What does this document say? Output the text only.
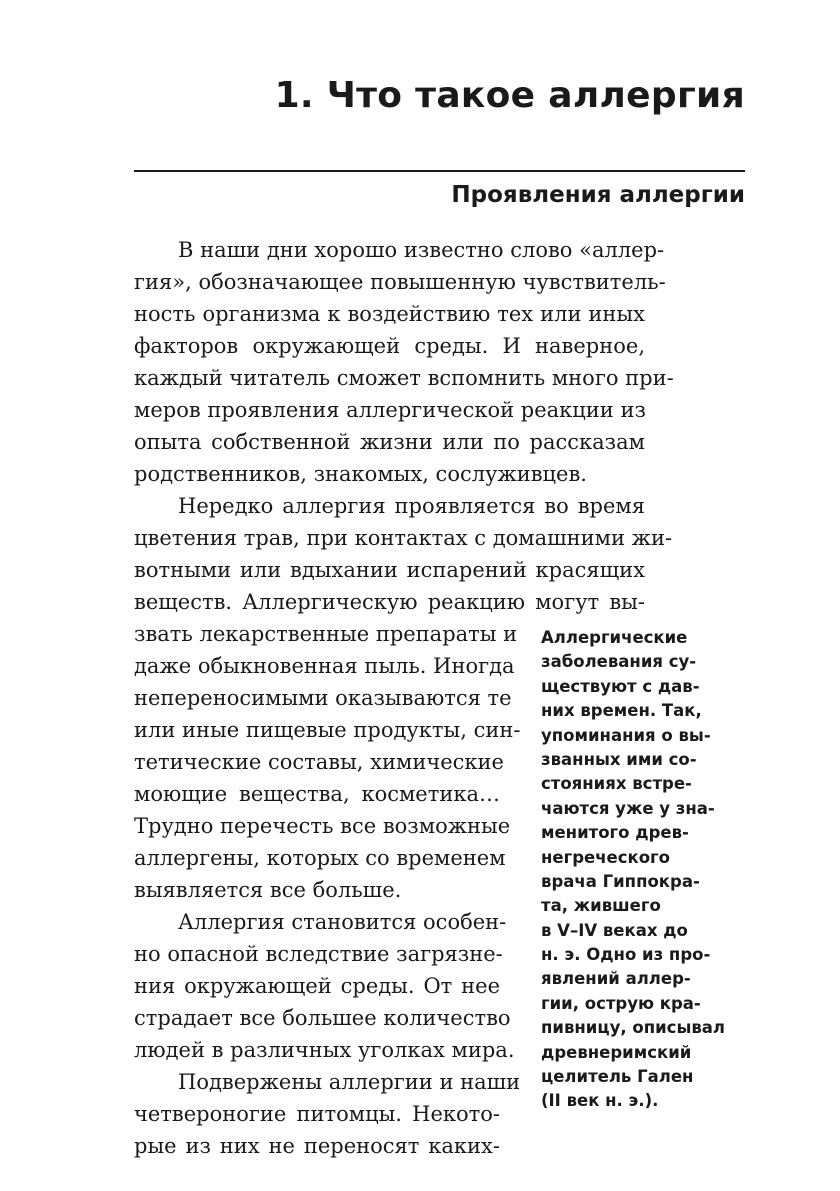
1. Что такое аллергия
Проявления аллергии
В наши дни хорошо известно слово «аллер-
гия», обозначающее повышенную чувствитель-
ность организма к воздействию тех или иных
факторов окружающей среды. И наверное,
каждый читатель сможет вспомнить много при-
меров проявления аллергической реакции из
опыта собственной жизни или по рассказам
родственников, знакомых, сослуживцев.
Нередко аллергия проявляется во время
цветения трав, при контактах с домашними жи-
вотными или вдыхании испарений красящих
веществ. Аллергическую реакцию могут вы-
звать лекарственные препараты и
даже обыкновенная пыль. Иногда
непереносимыми оказываются те
или иные пищевые продукты, син-
тетические составы, химические
моющие вещества, косметика…
Трудно перечесть все возможные
аллергены, которых со временем
выявляется все больше.
Аллергия становится особен-
но опасной вследствие загрязне-
ния окружающей среды. От нее
страдает все большее количество
людей в различных уголках мира.
Подвержены аллергии и наши
четвероногие питомцы. Некото-
рые из них не переносят каких-
Аллергические
заболевания су-
ществуют с дав-
них времен. Так,
упоминания о вы-
званных ими со-
стояниях встре-
чаются уже у зна-
менитого древ-
негреческого
врача Гиппокра-
та, жившего
в V–IV веках до
н. э. Одно из про-
явлений аллер-
гии, острую кра-
пивницу, описывал
древнеримский
целитель Гален
(II век н. э.).
